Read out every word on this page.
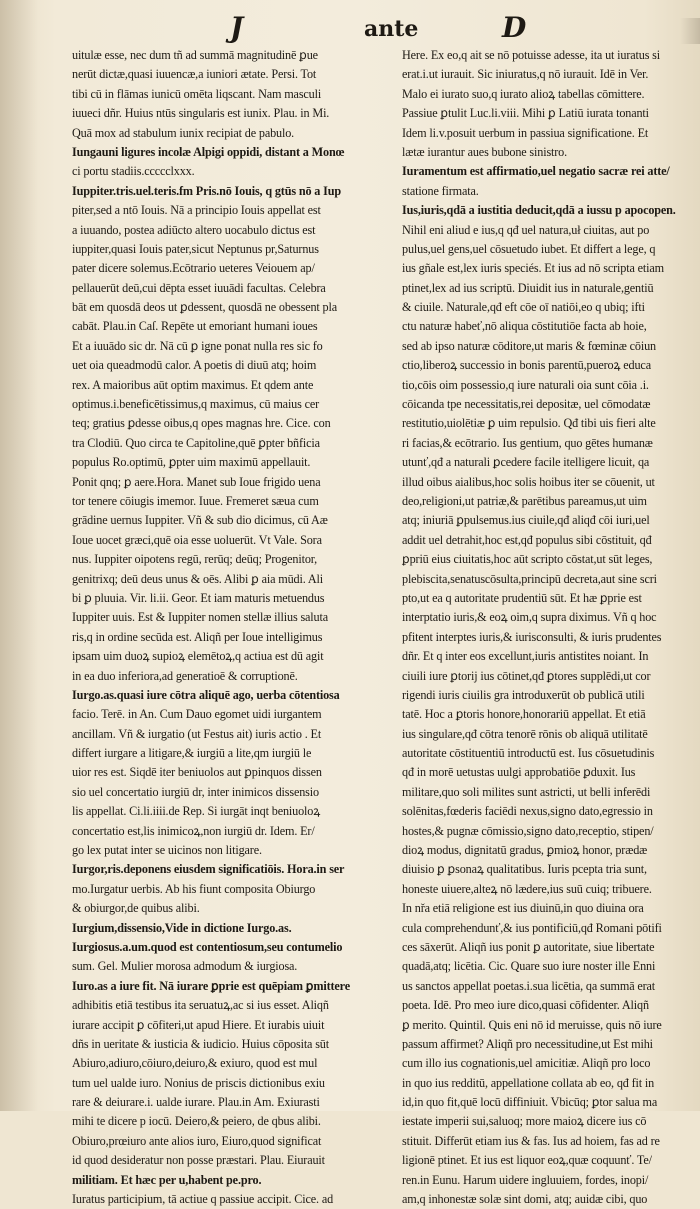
J	ante	D
uitulæ esse, nec dum tñ ad summā magnitudinē ꝑue
nerūt dictæ,quasi iuuencæ,a iuniori ætate. Persi. Tot
tibi cū in flāmas iunicū omēta liqscant. Nam masculi
iuueci dñr. Huius ntūs singularis est iunix. Plau. in Mi.
Quā mox ad stabulum iunix recipiat de pabulo.
Iungauni ligures incolæ Alpigi oppidi, distant a Monœ
ci portu stadiis.ccccclxxx.
Iuppiter.tris.uel.teris.fm Pris.nō Iouis, q gtūs nō a Iup
piter,sed a ntō Iouis. Nā a principio Iouis appellat est
a iuuando, postea adiūcto altero uocabulo dictus est
iuppiter,quasi Iouis pater,sicut Neptunus pr,Saturnus
pater dicere solemus.Ecōtrario ueteres Veiouem ap/
pellauerūt deū,cui dēpta esset iuuādi facultas. Celebra
bāt em quosdā deos ut ꝑdessent, quosdā ne obessent pla
cabāt. Plau.in Caſ. Repēte ut emoriant humani ioues
Et a iuuādo sic dr. Nā cū ꝑ igne ponat nulla res sic fo
uet oia queadmodū calor. A poetis di diuū atq; hoim
rex. A maioribus aūt optim maximus. Et qdem ante
optimus.i.beneficētissimus,q maximus, cū maius cer
teq; gratius ꝑdesse oibus,q opes magnas hre. Cice. con
tra Clodiū. Quo circa te Capitoline,quē ꝑpter bñficia
populus Ro.optimū, ꝑpter uim maximū appellauit.
Ponit qnq; ꝑ aere.Hora. Manet sub Ioue frigido uena
tor tenere cōiugis imemor. Iuue. Fremeret sæua cum
grādine uernus Iuppiter. Vñ & sub dio dicimus, cū Aæ
Ioue uocet græci,quē oia esse uoluerūt. Vt Vale. Sora
nus. Iuppiter oipotens regū, rerūq; deūq; Progenitor,
genitrixq; deū deus unus & oēs. Alibi ꝑ aia mūdi. Ali
bi ꝑ pluuia. Vir. li.ii. Geor. Et iam maturis metuendus
Iuppiter uuis. Est & Iuppiter nomen stellæ illius saluta
ris,q in ordine secūda est. Aliqñ per Ioue intelligimus
ipsam uim duoꝝ supioꝝ elemētoꝝ,q actiua est dū agit
in ea duo inferiora,ad generatioē & corruptionē.
Iurgo.as.quasi iure cōtra aliquē ago, uerba cōtentiosa
facio. Terē. in An. Cum Dauo egomet uidi iurgantem
ancillam. Vñ & iurgatio (ut Festus ait) iuris actio . Et
differt iurgare a litigare,& iurgiū a lite,qm iurgiū le
uior res est. Siqdē iter beniuolos aut ꝑpinquos dissen
sio uel concertatio iurgiū dr, inter inimicos dissensio
lis appellat. Ci.li.iiii.de Rep. Si iurgāt inqt beniuoloꝝ
concertatio est,lis inimicoꝝ,non iurgiū dr. Idem. Er/
go lex putat inter se uicinos non litigare.
Iurgor,ris.deponens eiusdem significatiōis. Hora.in ser
mo.Iurgatur uerbis. Ab his fiunt composita Obiurgo
& obiurgor,de quibus alibi.
Iurgium,dissensio,Vide in dictione Iurgo.as.
Iurgiosus.a.um.quod est contentiosum,seu contumelio
sum. Gel. Mulier morosa admodum & iurgiosa.
Iuro.as a iure fit. Nā iurare ꝑprie est quēpiam ꝑmittere
adhibitis etiā testibus ita seruatuꝝ,ac si ius esset. Aliqñ
iurare accipit ꝑ cōfiteri,ut apud Hiere. Et iurabis uiuit
dñs in ueritate & iusticia & iudicio. Huius cōposita sūt
Abiuro,adiuro,cōiuro,deiuro,& exiuro, quod est mul
tum uel ualde iuro. Nonius de priscis dictionibus exiu
rare & deiurare.i. ualde iurare. Plau.in Am. Exiurasti
mihi te dicere p iocū. Deiero,& peiero, de qbus alibi.
Obiuro,prœiuro ante alios iuro, Eiuro,quod significat
id quod desideratur non posse præstari. Plau. Eiurauit
militiam. Et hæc per u,habent pe.pro.
Iuratus participium, tā actiue q passiue accipit. Cice. ad
Here. Ex eo,q ait se nō potuisse adesse, ita ut iuratus si
erat.i.ut iurauit. Sic iniuratus,q nō iurauit. Idē in Ver.
Malo ei iurato suo,q iurato alioꝝ tabellas cōmittere.
Passiue ꝑtulit Luc.li.viii. Mihi ꝑ Latiū iurata tonanti
Idem li.v.posuit uerbum in passiua significatione. Et
lætæ iurantur aues bubone sinistro.
Iuramentum est affirmatio,uel negatio sacræ rei atte/
statione firmata.
Ius,iuris,qdā a iustitia deducit,qdā a iussu p apocopen.
Nihil eni aliud e ius,q qđ uel natura,uł ciuitas, aut po
pulus,uel gens,uel cōsuetudo iubet. Et differt a lege, q
ius gñale est,lex iuris speciés. Et ius ad nō scripta etiam
ptinet,lex ad ius scriptū. Diuidit ius in naturale,gentiū
& ciuile. Naturale,qđ eft cōe oī natiōi,eo q ubiq; ifti
ctu naturæ habeť,nō aliqua cōstitutiōe facta ab hoie,
sed ab ipso naturæ cōditore,ut maris & fœminæ cōiun
ctio,liberoꝝ successio in bonis parentū,pueroꝝ educa
tio,cōis oim possessio,q iure naturali oia sunt cōia .i.
cōicanda tpe necessitatis,rei depositæ, uel cōmodatæ
restitutio,uiolētiæ ꝑ uim repulsio. Qđ tibi uis fieri alte
ri facias,& ecōtrario. Ius gentium, quo gētes humanæ
utunť,qđ a naturali ꝑcedere facile itelligere licuit, qa
illud oibus aialibus,hoc solis hoibus iter se cōuenit, ut
deo,religioni,ut patriæ,& parētibus pareamus,ut uim
atq; iniuriā ꝑpulsemus.ius ciuile,qđ aliqđ cōi iuri,uel
addit uel detrahit,hoc est,qđ populus sibi cōstituit, qđ
ꝑpriū eius ciuitatis,hoc aūt scripto cōstat,ut sūt leges,
plebiscita,senatuscōsulta,principū decreta,aut sine scri
pto,ut ea q autoritate prudentiū sūt. Et hæ ꝑprie est
interptatio iuris,& eoꝝ oim,q supra diximus. Vñ q hoc
pfitent interptes iuris,& iurisconsulti, & iuris prudentes
dñr. Et q inter eos excellunt,iuris antistites noiant. In
ciuili iure ꝑtorij ius cōtinet,qđ ꝑtores supplēdi,ut cor
rigendi iuris ciuilis gra introduxerūt ob publicā utili
tatē. Hoc a ꝑtoris honore,honorariū appellat. Et etiā
ius singulare,qđ cōtra tenorē rōnis ob aliquā utilitatē
autoritate cōstituentiū introductū est. Ius cōsuetudinis
qđ in morē uetustas uulgi approbatiōe ꝑduxit. Ius
militare,quo soli milites sunt astricti, ut belli inferēdi
solēnitas,fœderis faciēdi nexus,signo dato,egressio in
hostes,& pugnæ cōmissio,signo dato,receptio, stipen/
dioꝝ modus, dignitatū gradus, ꝑmioꝝ honor, prædæ
diuisio ꝑ ꝑsonaꝝ qualitatibus. Iuris pcepta tria sunt,
honeste uiuere,alteꝝ nō lædere,ius suū cuiq; tribuere.
In nřa etiā religione est ius diuinū,in quo diuina ora
cula comprehendunť,& ius pontificiū,qđ Romani pōtifi
ces sāxerūt. Aliqñ ius ponit ꝑ autoritate, siue libertate
quadā,atq; licētia. Cic. Quare suo iure noster ille Enni
us sanctos appellat poetas.i.sua licētia, qa summā erat
poeta. Idē. Pro meo iure dico,quasi cōfidenter. Aliqñ
ꝑ merito. Quintil. Quis eni nō id meruisse, quis nō iure
passum affirmet? Aliqñ pro necessitudine,ut Est mihi
cum illo ius cognationis,uel amicitiæ. Aliqñ pro loco
in quo ius redditū, appellatione collata ab eo, qđ fit in
id,in quo fit,quē locū diffiniuit. Vbicūq; ꝑtor salua ma
iestate imperii sui,saluoq; more maioꝝ dicere ius cō
stituit. Differūt etiam ius & fas. Ius ad hoiem, fas ad re
ligionē ptinet. Et ius est liquor eoꝝ,quæ coquunť. Te/
ren.in Eunu. Harum uidere ingluuiem, fordes, inopi/
am,q inhonestæ solæ sint domi, atq; auidæ cibi, quo
